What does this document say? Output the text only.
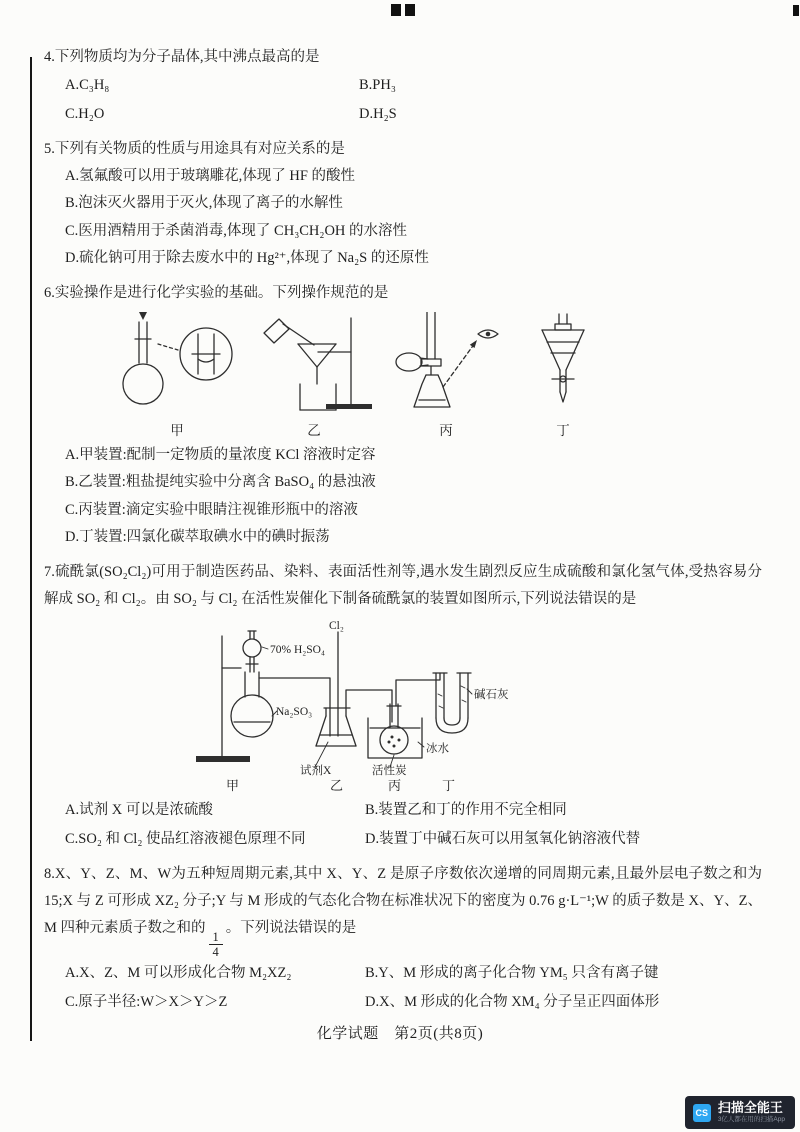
4.下列物质均为分子晶体,其中沸点最高的是

A.C₃H₈	B.PH₃
C.H₂O	D.H₂S

5.下列有关物质的性质与用途具有对应关系的是

A.氢氟酸可以用于玻璃雕花,体现了 HF 的酸性

B.泡沫灭火器用于灭火,体现了离子的水解性

C.医用酒精用于杀菌消毒,体现了 CH₃CH₂OH 的水溶性

D.硫化钠可用于除去废水中的 Hg²⁺,体现了 Na₂S 的还原性

6.实验操作是进行化学实验的基础。下列操作规范的是

甲	乙	丙	丁

A.甲装置:配制一定物质的量浓度 KCl 溶液时定容

B.乙装置:粗盐提纯实验中分离含 BaSO₄ 的悬浊液

C.丙装置:滴定实验中眼睛注视锥形瓶中的溶液

D.丁装置:四氯化碳萃取碘水中的碘时振荡

7.硫酰氯(SO₂Cl₂)可用于制造医药品、染料、表面活性剂等,遇水发生剧烈反应生成硫酸和氯化氢气体,受热容易分解成 SO₂ 和 Cl₂。由 SO₂ 与 Cl₂ 在活性炭催化下制备硫酰氯的装置如图所示,下列说法错误的是

Cl₂
70% H₂SO₄
Na₂SO₃
碱石灰
试剂X	活性炭
冰水
甲	乙	丙	丁
A.试剂 X 可以是浓硫酸	B.装置乙和丁的作用不完全相同
C.SO₂ 和 Cl₂ 使品红溶液褪色原理不同	D.装置丁中碱石灰可以用氢氧化钠溶液代替

8.X、Y、Z、M、W为五种短周期元素,其中 X、Y、Z 是原子序数依次递增的同周期元素,且最外层电子数之和为 15;X 与 Z 可形成 XZ₂ 分子;Y 与 M 形成的气态化合物在标准状况下的密度为 0.76 g·L⁻¹;W 的质子数是 X、Y、Z、M 四种元素质子数之和的
$\frac{1}{4}$
。下列说法错误的是

A.X、Z、M 可以形成化合物 M₂XZ₂	B.Y、M 形成的离子化合物 YM₅ 只含有离子键
C.原子半径:W＞X＞Y＞Z	D.X、M 形成的化合物 XM₄ 分子呈正四面体形
化学试题　第2页(共8页)
CS 扫描全能王
3亿人都在用的扫描App
